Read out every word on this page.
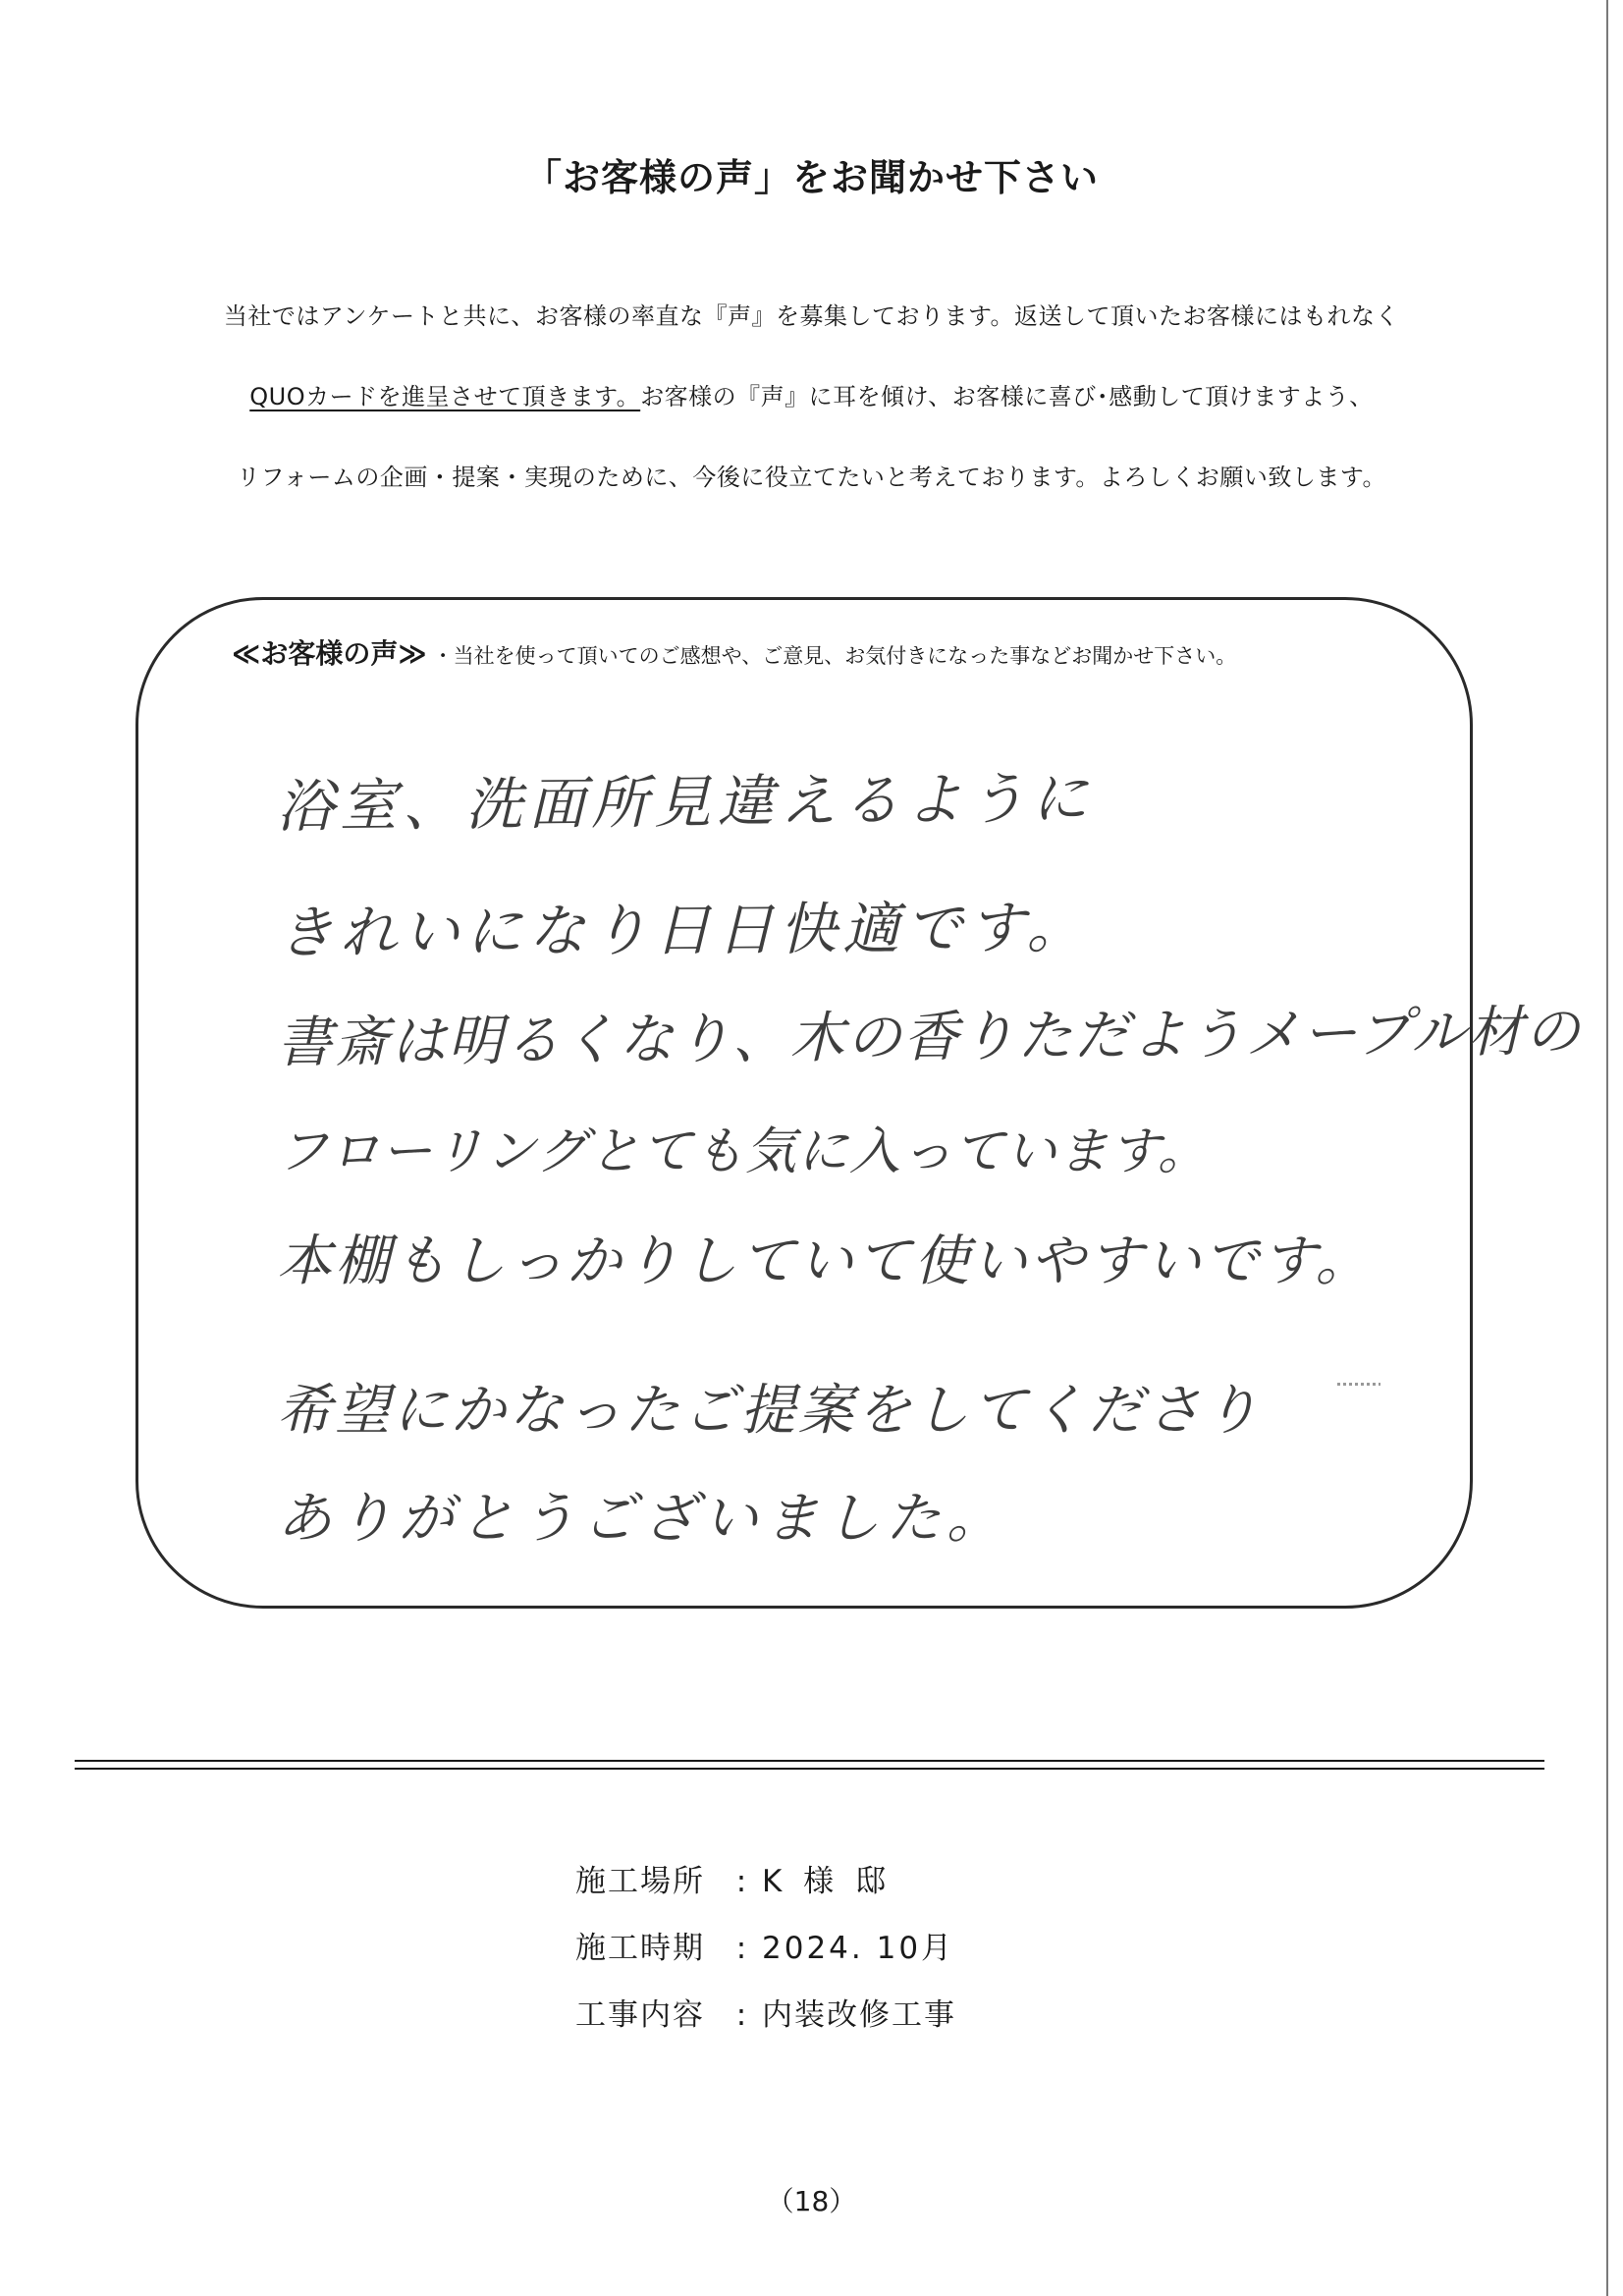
「お客様の声」をお聞かせ下さい
当社ではアンケートと共に、お客様の率直な『声』を募集しております。返送して頂いたお客様にはもれなく
QUOカードを進呈させて頂きます。お客様の『声』に耳を傾け、お客様に喜び･感動して頂けますよう、
リフォームの企画・提案・実現のために、今後に役立てたいと考えております。よろしくお願い致します。
≪お客様の声≫ ・当社を使って頂いてのご感想や、ご意見、お気付きになった事などお聞かせ下さい。
浴室、洗面所見違えるように
きれいになり日日快適です。
書斎は明るくなり、木の香りただようメープル材の
フローリングとても気に入っています。
本棚もしっかりしていて使いやすいです。
希望にかなったご提案をしてくださり
ありがとうございました。
施工場所 : K 様 邸
施工時期 : 2024. 10月
工事内容 : 内装改修工事
（18）
